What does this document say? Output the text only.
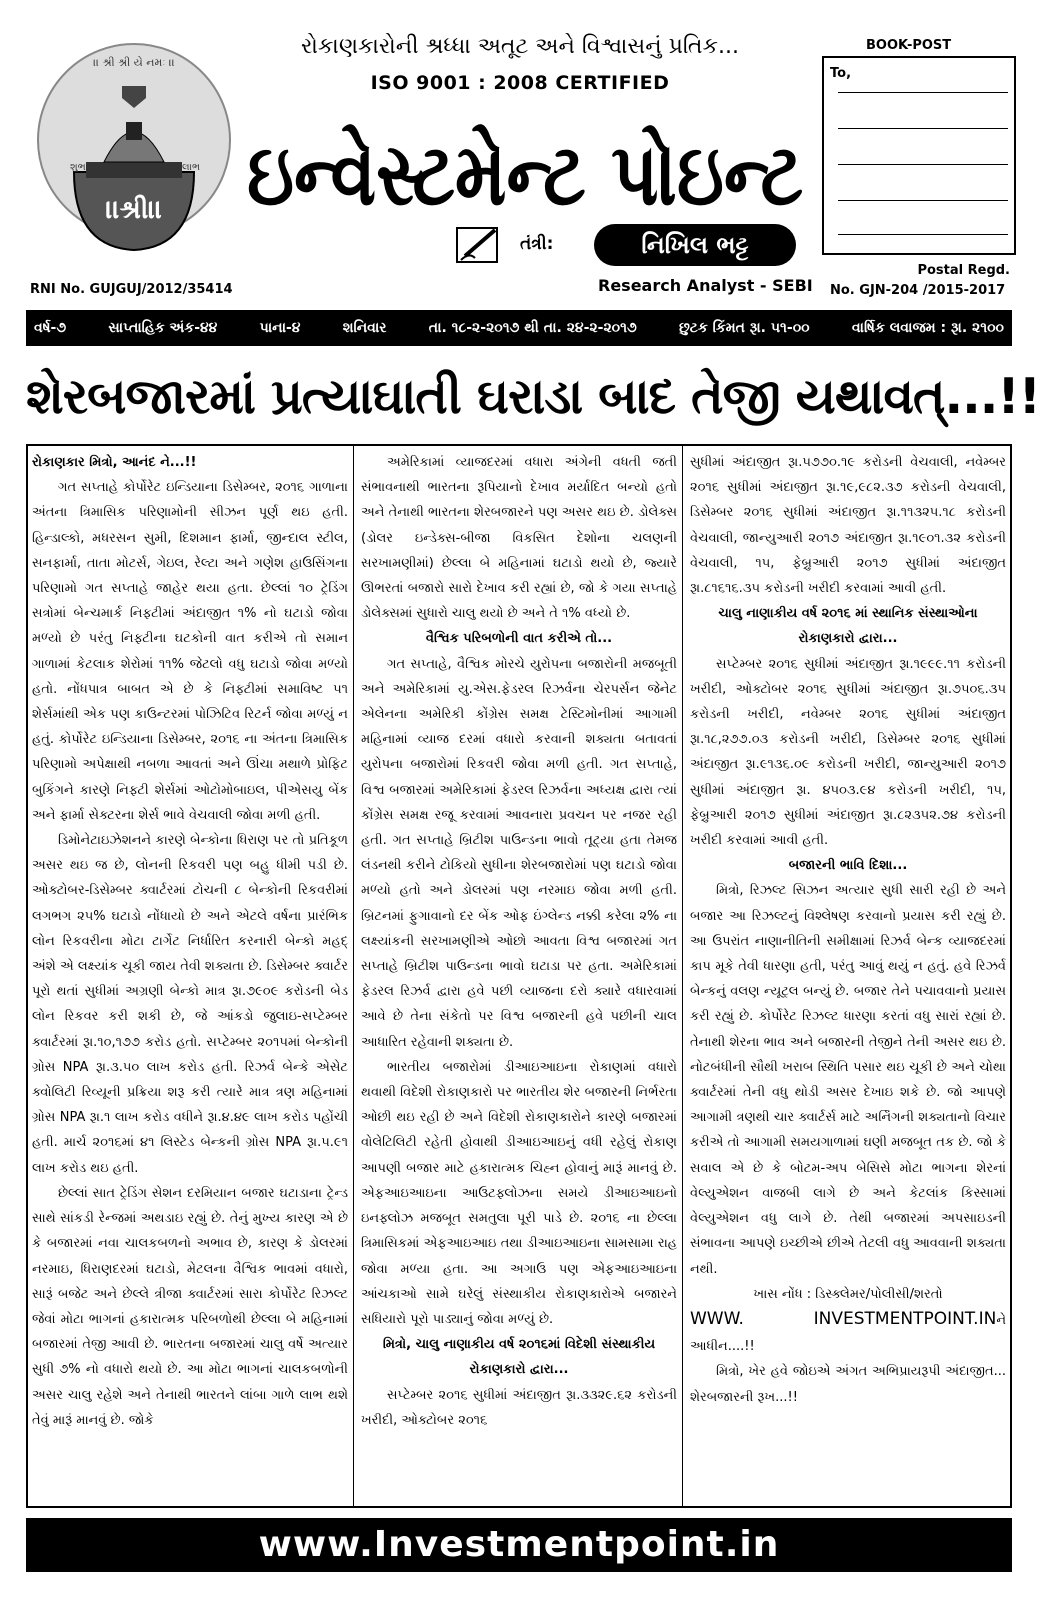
।। શ્રી શ્રી યે નમઃ ।।
।।શ્રી।।
શુભ	લાભ
રોકાણકારોની શ્રધ્ધા અતૂટ અને વિશ્વાસનું પ્રતિક...
ISO 9001 : 2008 CERTIFIED
ઇન્વેસ્ટમેન્ટ પોઇન્ટ
તંત્રી:	નિખિલ ભટ્ટ
Research Analyst - SEBI
RNI No. GUJGUJ/2012/35414
BOOK-POST
To,
Postal Regd.
No. GJN-204 /2015-2017
વર્ષ-૭	સાપ્તાહિક અંક-૪૪	પાના-૪	શનિવાર	તા. ૧૮-૨-૨૦૧૭ થી તા. ૨૪-૨-૨૦૧૭	છુટક કિંમત રૂા. ૫૧-૦૦	વાર્ષિક લવાજમ : રૂા. ૨૧૦૦
શેરબજારમાં પ્રત્યાઘાતી ઘરાડા બાદ તેજી યથાવત્...!!

રોકાણકાર મિત્રો, આનંદ ને...!!

ગત સપ્તાહે કોર્પોરેટ ઇન્ડિયાના ડિસેમ્બર, ૨૦૧૬ ગાળાના અંતના ત્રિમાસિક પરિણામોની સીઝન પૂર્ણ થઇ હતી. હિન્ડાલ્કો, મધરસન સુમી, દિશમાન ફાર્મા, જીન્દાલ સ્ટીલ, સનફાર્મા, તાતા મોટર્સ, ગેઇલ, રેલ્ટા અને ગણેશ હાઉસિંગના પરિણામો ગત સપ્તાહે જાહેર થયા હતા. છેલ્લાં ૧૦ ટ્રેડિંગ સત્રોમાં બેન્ચમાર્ક નિફ્ટીમાં અંદાજીત ૧% નો ઘટાડો જોવા મળ્યો છે પરંતુ નિફ્ટીના ઘટકોની વાત કરીએ તો સમાન ગાળામાં કેટલાક શેરોમાં ૧૧% જેટલો વધુ ઘટાડો જોવા મળ્યો હતો. નોંધપાત્ર બાબત એ છે કે નિફ્ટીમાં સમાવિષ્ટ ૫૧ શેર્સમાંથી એક પણ કાઉન્ટરમાં પોઝિટિવ રિટર્ન જોવા મળ્યું ન હતું. કોર્પોરેટ ઇન્ડિયાના ડિસેમ્બર, ૨૦૧૬ ના અંતના ત્રિમાસિક પરિણામો અપેક્ષાથી નબળા આવતાં અને ઊંચા મથાળે પ્રોફિટ બુકિંગને કારણે નિફ્ટી શેર્સમાં ઓટોમોબાઇલ, પીએસયુ બેંક અને ફાર્મા સેક્ટરના શેર્સ ભાવે વેચવાલી જોવા મળી હતી.

ડિમોનેટાઇઝેશનને કારણે બેન્કોના ધિરાણ પર તો પ્રતિકૂળ અસર થઇ જ છે, લોનની રિકવરી પણ બહુ ધીમી પડી છે. ઓક્ટોબર-ડિસેમ્બર ક્વાર્ટરમાં ટોચની ૮ બેન્કોની રિકવરીમાં લગભગ ૨૫% ઘટાડો નોંધાયો છે અને એટલે વર્ષના પ્રારંભિક લોન રિકવરીના મોટા ટાર્ગેટ નિર્ધારિત કરનારી બેન્કો મહદ્ અંશે એ લક્ષ્યાંક ચૂકી જાય તેવી શક્યતા છે. ડિસેમ્બર ક્વાર્ટર પૂરો થતાં સુધીમાં અગ્રણી બેન્કો માત્ર રૂા.૭૯૦૯ કરોડની બેડ લોન રિકવર કરી શકી છે, જે આંકડો જુલાઇ-સપ્ટેમ્બર ક્વાર્ટરમાં રૂા.૧૦,૧૭૭ કરોડ હતો. સપ્ટેમ્બર ૨૦૧૫માં બેન્કોની ગ્રોસ NPA રૂા.૩.૫૦ લાખ કરોડ હતી. રિઝર્વ બેન્કે એસેટ ક્વોલિટી રિવ્યૂની પ્રક્રિયા શરૂ કરી ત્યારે માત્ર ત્રણ મહિનામાં ગ્રોસ NPA રૂા.૧ લાખ કરોડ વધીને રૂા.૪.૪૯ લાખ કરોડ પહોંચી હતી. માર્ચ ૨૦૧૬માં ૪૧ લિસ્ટેડ બેન્કની ગ્રોસ NPA રૂા.૫.૯૧ લાખ કરોડ થઇ હતી.

છેલ્લાં સાત ટ્રેડિંગ સેશન દરમિયાન બજાર ઘટાડાના ટ્રેન્ડ સાથે સાંકડી રેન્જમાં અથડાઇ રહ્યું છે. તેનું મુખ્ય કારણ એ છે કે બજારમાં નવા ચાલકબળનો અભાવ છે, કારણ કે ડોલરમાં નરમાઇ, ધિરાણદરમાં ઘટાડો, મેટલના વૈશ્વિક ભાવમાં વધારો, સારૂં બજેટ અને છેલ્લે ત્રીજા ક્વાર્ટરમાં સારા કોર્પોરેટ રિઝલ્ટ જેવાં મોટા ભાગનાં હકારાત્મક પરિબળોથી છેલ્લા બે મહિનામાં બજારમાં તેજી આવી છે. ભારતના બજારમાં ચાલુ વર્ષે અત્યાર સુધી ૭% નો વધારો થયો છે. આ મોટા ભાગનાં ચાલકબળોની અસર ચાલુ રહેશે અને તેનાથી ભારતને લાંબા ગાળે લાભ થશે તેવું મારૂં માનવું છે. જોકે

અમેરિકામાં વ્યાજદરમાં વધારા અંગેની વધતી જતી સંભાવનાથી ભારતના રૂપિયાનો દેખાવ મર્યાદિત બન્યો હતો અને તેનાથી ભારતના શેરબજારને પણ અસર થઇ છે. ડોલેક્સ (ડોલર ઇન્ડેક્સ-બીજા વિકસિત દેશોના ચલણની સરખામણીમાં) છેલ્લા બે મહિનામાં ઘટાડો થયો છે, જ્યારે ઊભરતાં બજારો સારો દેખાવ કરી રહ્યાં છે, જો કે ગયા સપ્તાહે ડોલેક્સમાં સુધારો ચાલુ થયો છે અને તે ૧% વધ્યો છે.

વૈશ્વિક પરિબળોની વાત કરીએ તો...

ગત સપ્તાહે, વૈશ્વિક મોરચે યુરોપના બજારોની મજબૂતી અને અમેરિકામાં યુ.એસ.ફેડરલ રિઝર્વના ચેરપર્સન જેનેટ એલેનના અમેરિકી કોંગ્રેસ સમક્ષ ટેસ્ટિમોનીમાં આગામી મહિનામાં વ્યાજ દરમાં વધારો કરવાની શક્યતા બતાવતાં યુરોપના બજારોમાં રિકવરી જોવા મળી હતી. ગત સપ્તાહે, વિશ્વ બજારમાં અમેરિકામાં ફેડરલ રિઝર્વના અધ્યક્ષ દ્વારા ત્યાં કોંગ્રેસ સમક્ષ રજૂ કરવામાં આવનારા પ્રવચન પર નજર રહી હતી. ગત સપ્તાહે બ્રિટીશ પાઉન્ડના ભાવો તૂટ્યા હતા તેમજ લંડનથી કરીને ટોકિયો સુધીના શેરબજારોમાં પણ ઘટાડો જોવા મળ્યો હતો અને ડોલરમાં પણ નરમાઇ જોવા મળી હતી. બ્રિટનમાં ફુગાવાનો દર બેંક ઓફ ઇંગ્લેન્ડ નક્કી કરેલા ૨% ના લક્ષ્યાંકની સરખામણીએ ઓછો આવતા વિશ્વ બજારમાં ગત સપ્તાહે બ્રિટીશ પાઉન્ડના ભાવો ઘટાડા પર હતા. અમેરિકામાં ફેડરલ રિઝર્વ દ્વારા હવે પછી વ્યાજના દરો ક્યારે વધારવામાં આવે છે તેના સંકેતો પર વિશ્વ બજારની હવે પછીની ચાલ આધારિત રહેવાની શક્યતા છે.

ભારતીય બજારોમાં ડીઆઇઆઇના રોકાણમાં વધારો થવાથી વિદેશી રોકાણકારો પર ભારતીય શેર બજારની નિર્ભરતા ઓછી થઇ રહી છે અને વિદેશી રોકાણકારોને કારણે બજારમાં વોલેટિલિટી રહેતી હોવાથી ડીઆઇઆઇનું વધી રહેલું રોકાણ આપણી બજાર માટે હકારાત્મક ચિહ્ન હોવાનું મારૂં માનવું છે. એફઆઇઆઇના આઉટફ્લોઝના સમયે ડીઆઇઆઇનો ઇનફ્લોઝ મજબૂત સમતુલા પૂરી પાડે છે. ૨૦૧૬ ના છેલ્લા ત્રિમાસિકમાં એફઆઇઆઇ તથા ડીઆઇઆઇના સામસામા રાહ જોવા મળ્યા હતા. આ અગાઉ પણ એફઆઇઆઇના આંચકાઓ સામે ઘરેલું સંસ્થાકીય રોકાણકારોએ બજારને સધિયારો પૂરો પાડ્યાનું જોવા મળ્યું છે.

મિત્રો, ચાલુ નાણાકીય વર્ષ ૨૦૧૬માં વિદેશી સંસ્થાકીય રોકાણકારો દ્વારા...

સપ્ટેમ્બર ૨૦૧૬ સુધીમાં અંદાજીત રૂા.૩૩૨૯.૬૨ કરોડની ખરીદી, ઓક્ટોબર ૨૦૧૬

સુધીમાં અંદાજીત રૂા.૫૭૭૦.૧૯ કરોડની વેચવાલી, નવેમ્બર ૨૦૧૬ સુધીમાં અંદાજીત રૂા.૧૯,૯૮૨.૩૭ કરોડની વેચવાલી, ડિસેમ્બર ૨૦૧૬ સુધીમાં અંદાજીત રૂા.૧૧૩૨૫.૧૮ કરોડની વેચવાલી, જાન્યુઆરી ૨૦૧૭ અંદાજીત રૂા.૧૯૦૧.૩૨ કરોડની વેચવાલી, ૧૫, ફેબ્રુઆરી ૨૦૧૭ સુધીમાં અંદાજીત રૂા.૮૧૬૧૬.૩૫ કરોડની ખરીદી કરવામાં આવી હતી.

ચાલુ નાણાકીય વર્ષ ૨૦૧૬ માં સ્થાનિક સંસ્થાઓના રોકાણકારો દ્વારા...

સપ્ટેમ્બર ૨૦૧૬ સુધીમાં અંદાજીત રૂા.૧૯૯૯.૧૧ કરોડની ખરીદી, ઓક્ટોબર ૨૦૧૬ સુધીમાં અંદાજીત રૂા.૭૫૦૬.૩૫ કરોડની ખરીદી, નવેમ્બર ૨૦૧૬ સુધીમાં અંદાજીત રૂા.૧૮,૨૭૭.૦૩ કરોડની ખરીદી, ડિસેમ્બર ૨૦૧૬ સુધીમાં અંદાજીત રૂા.૯૧૩૬.૦૯ કરોડની ખરીદી, જાન્યુઆરી ૨૦૧૭ સુધીમાં અંદાજીત રૂા. ૪૫૦૩.૯૪ કરોડની ખરીદી, ૧૫, ફેબ્રુઆરી ૨૦૧૭ સુધીમાં અંદાજીત રૂા.૮૨૩૫૨.૭૪ કરોડની ખરીદી કરવામાં આવી હતી.

બજારની ભાવિ દિશા...

મિત્રો, રિઝલ્ટ સિઝન અત્યાર સુધી સારી રહી છે અને બજાર આ રિઝલ્ટનું વિશ્લેષણ કરવાનો પ્રયાસ કરી રહ્યું છે. આ ઉપરાંત નાણાનીતિની સમીક્ષામાં રિઝર્વ બેન્ક વ્યાજદરમાં કાપ મૂકે તેવી ધારણા હતી, પરંતુ આવું થયું ન હતું. હવે રિઝર્વ બેન્કનું વલણ ન્યૂટ્રલ બન્યું છે. બજાર તેને પચાવવાનો પ્રયાસ કરી રહ્યું છે. કોર્પોરેટ રિઝલ્ટ ધારણા કરતાં વધુ સારાં રહ્યાં છે. તેનાથી શેરના ભાવ અને બજારની તેજીને તેની અસર થઇ છે. નોટબંધીની સૌથી ખરાબ સ્થિતિ પસાર થઇ ચૂકી છે અને ચોથા ક્વાર્ટરમાં તેની વધુ થોડી અસર દેખાઇ શકે છે. જો આપણે આગામી ત્રણથી ચાર ક્વાર્ટર્સ માટે અર્નિંગની શક્યતાનો વિચાર કરીએ તો આગામી સમયગાળામાં ઘણી મજબૂત તક છે. જો કે સવાલ એ છે કે બોટમ-અપ બેસિસે મોટા ભાગના શેરનાં વેલ્યુએશન વાજબી લાગે છે અને કેટલાંક કિસ્સામાં વેલ્યુએશન વધુ લાગે છે. તેથી બજારમાં અપસાઇડની સંભાવના આપણે ઇચ્છીએ છીએ તેટલી વધુ આવવાની શક્યતા નથી.

ખાસ નોંધ : ડિસ્ક્લેમર/પોલીસી/શરતો

WWW. INVESTMENTPOINT.INને આધીન....!!

મિત્રો, ખેર હવે જોઇએ અંગત અભિપ્રાયરૂપી અંદાજીત... શેરબજારની રૂખ...!!

www.Investmentpoint.in
